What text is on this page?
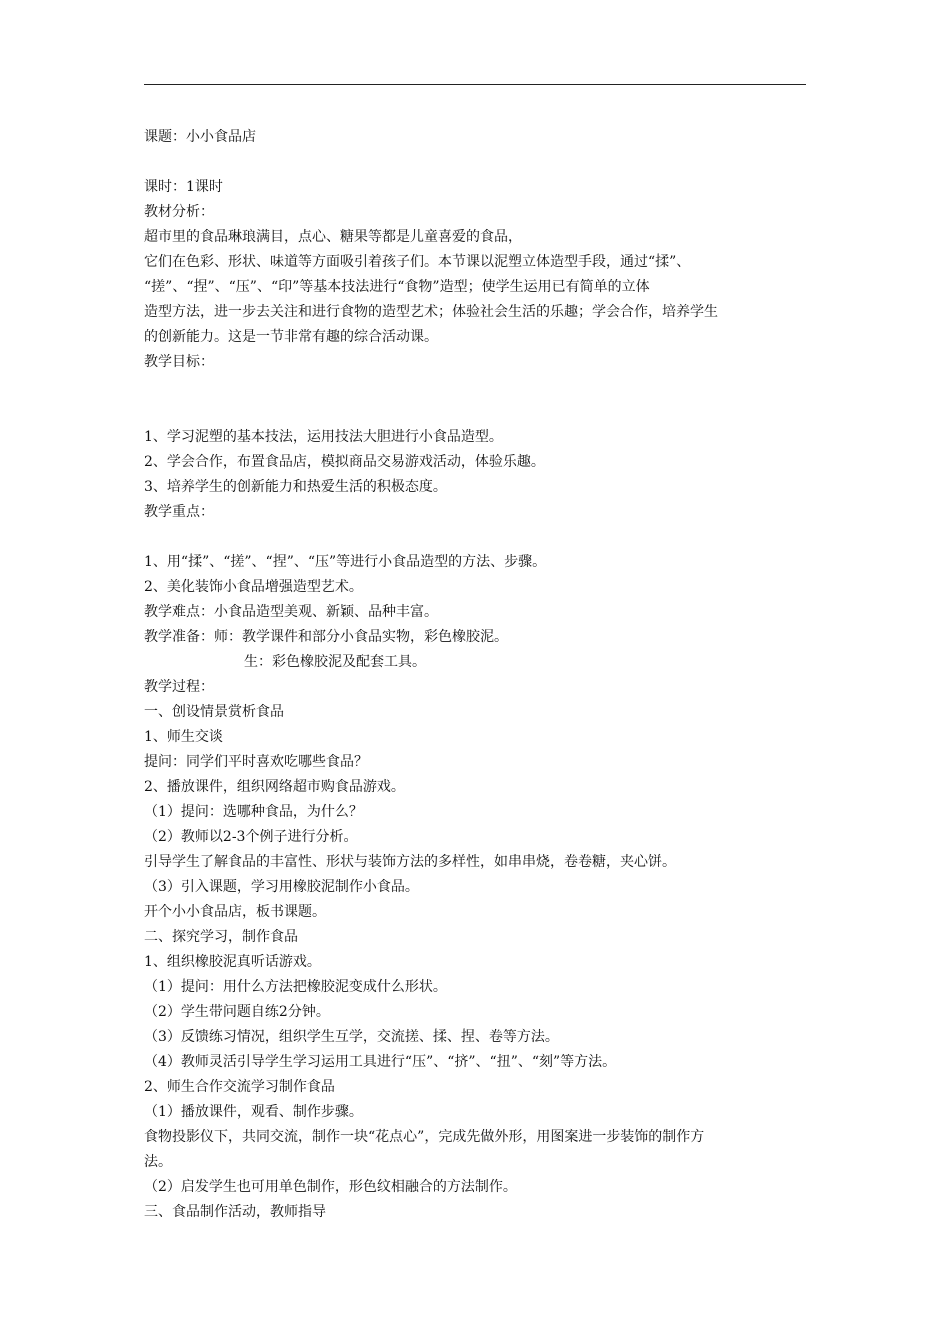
课题：小小食品店
课时：1课时
教材分析：
超市里的食品琳琅满目，点心、糖果等都是儿童喜爱的食品，
它们在色彩、形状、味道等方面吸引着孩子们。本节课以泥塑立体造型手段，通过“揉”、
“搓”、“捏”、“压”、“印”等基本技法进行“食物”造型；使学生运用已有简单的立体
造型方法，进一步去关注和进行食物的造型艺术；体验社会生活的乐趣；学会合作，培养学生
的创新能力。这是一节非常有趣的综合活动课。
教学目标：
1、学习泥塑的基本技法，运用技法大胆进行小食品造型。
2、学会合作，布置食品店，模拟商品交易游戏活动，体验乐趣。
3、培养学生的创新能力和热爱生活的积极态度。
教学重点：
1、用“揉”、“搓”、“捏”、“压”等进行小食品造型的方法、步骤。
2、美化装饰小食品增强造型艺术。
教学难点：小食品造型美观、新颖、品种丰富。
教学准备：师：教学课件和部分小食品实物，彩色橡胶泥。
生：彩色橡胶泥及配套工具。
教学过程：
一、创设情景赏析食品
1、师生交谈
提问：同学们平时喜欢吃哪些食品？
2、播放课件，组织网络超市购食品游戏。
（1）提问：选哪种食品，为什么？
（2）教师以2-3个例子进行分析。
引导学生了解食品的丰富性、形状与装饰方法的多样性，如串串烧，卷卷糖，夹心饼。
（3）引入课题，学习用橡胶泥制作小食品。
开个小小食品店，板书课题。
二、探究学习，制作食品
1、组织橡胶泥真听话游戏。
（1）提问：用什么方法把橡胶泥变成什么形状。
（2）学生带问题自练2分钟。
（3）反馈练习情况，组织学生互学，交流搓、揉、捏、卷等方法。
（4）教师灵活引导学生学习运用工具进行“压”、“挤”、“扭”、“刻”等方法。
2、师生合作交流学习制作食品
（1）播放课件，观看、制作步骤。
食物投影仪下，共同交流，制作一块“花点心”，完成先做外形，用图案进一步装饰的制作方
法。
（2）启发学生也可用单色制作，形色纹相融合的方法制作。
三、食品制作活动，教师指导
